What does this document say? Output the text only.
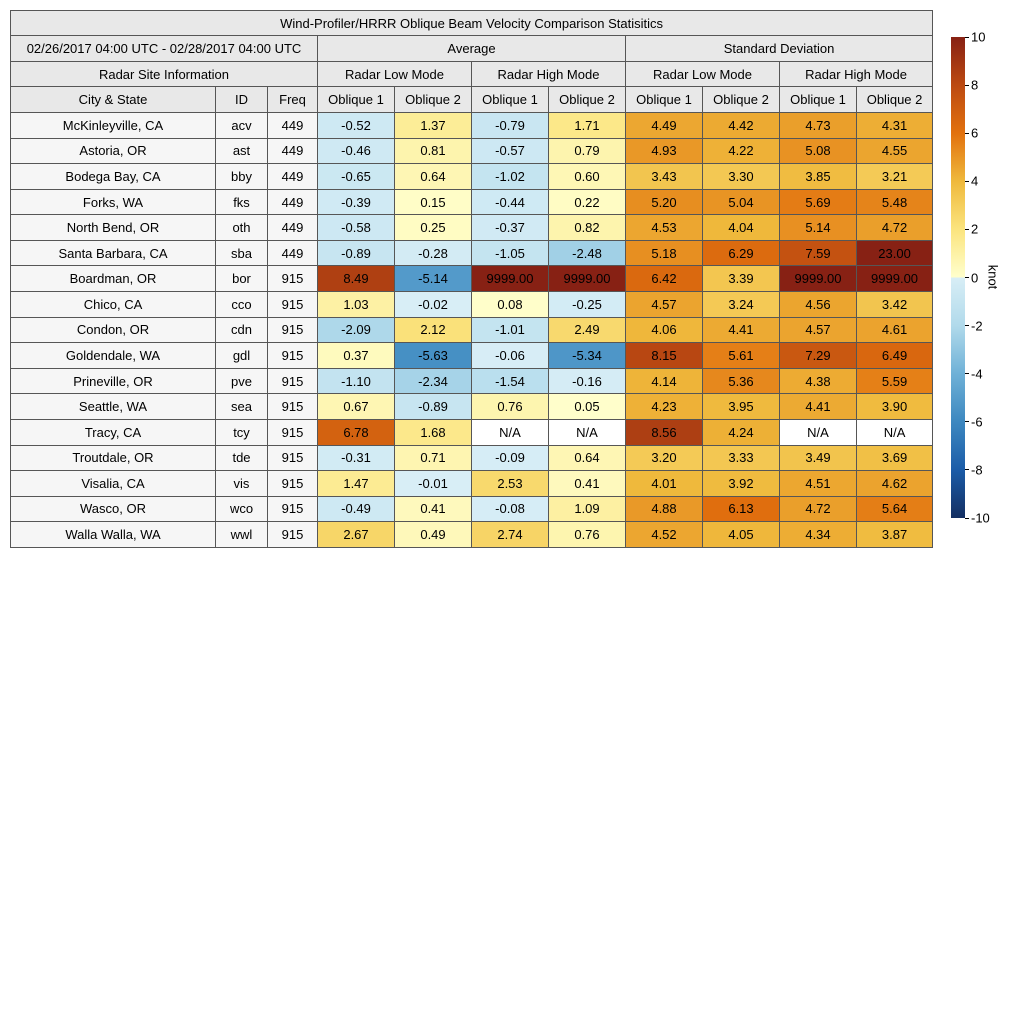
Wind-Profiler/HRRR Oblique Beam Velocity Comparison Statisitics										
02/26/2017 04:00 UTC - 02/28/2017 04:00 UTC			Average				Standard Deviation			
Radar Site Information			Radar Low Mode		Radar High Mode		Radar Low Mode		Radar High Mode	
City & State	ID	Freq	Oblique 1	Oblique 2	Oblique 1	Oblique 2	Oblique 1	Oblique 2	Oblique 1	Oblique 2
McKinleyville, CA	acv	449	-0.52	1.37	-0.79	1.71	4.49	4.42	4.73	4.31
Astoria, OR	ast	449	-0.46	0.81	-0.57	0.79	4.93	4.22	5.08	4.55
Bodega Bay, CA	bby	449	-0.65	0.64	-1.02	0.60	3.43	3.30	3.85	3.21
Forks, WA	fks	449	-0.39	0.15	-0.44	0.22	5.20	5.04	5.69	5.48
North Bend, OR	oth	449	-0.58	0.25	-0.37	0.82	4.53	4.04	5.14	4.72
Santa Barbara, CA	sba	449	-0.89	-0.28	-1.05	-2.48	5.18	6.29	7.59	23.00
Boardman, OR	bor	915	8.49	-5.14	9999.00	9999.00	6.42	3.39	9999.00	9999.00
Chico, CA	cco	915	1.03	-0.02	0.08	-0.25	4.57	3.24	4.56	3.42
Condon, OR	cdn	915	-2.09	2.12	-1.01	2.49	4.06	4.41	4.57	4.61
Goldendale, WA	gdl	915	0.37	-5.63	-0.06	-5.34	8.15	5.61	7.29	6.49
Prineville, OR	pve	915	-1.10	-2.34	-1.54	-0.16	4.14	5.36	4.38	5.59
Seattle, WA	sea	915	0.67	-0.89	0.76	0.05	4.23	3.95	4.41	3.90
Tracy, CA	tcy	915	6.78	1.68	N/A	N/A	8.56	4.24	N/A	N/A
Troutdale, OR	tde	915	-0.31	0.71	-0.09	0.64	3.20	3.33	3.49	3.69
Visalia, CA	vis	915	1.47	-0.01	2.53	0.41	4.01	3.92	4.51	4.62
Wasco, OR	wco	915	-0.49	0.41	-0.08	1.09	4.88	6.13	4.72	5.64
Walla Walla, WA	wwl	915	2.67	0.49	2.74	0.76	4.52	4.05	4.34	3.87
10
8
6
4
2
0
-2
-4
-6
-8
-10
knot
